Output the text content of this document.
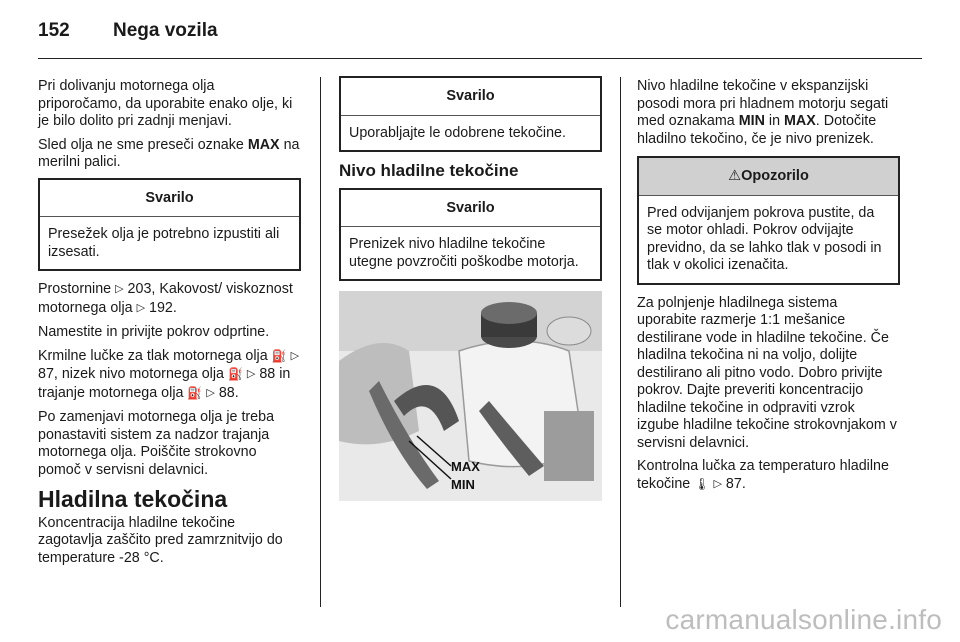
152 Nega vozila

Pri dolivanju motornega olja priporočamo, da uporabite enako olje, ki je bilo dolito pri zadnji menjavi.

Sled olja ne sme preseči oznake MAX na merilni palici.

Svarilo
Presežek olja je potrebno izpustiti ali izsesati.

Prostornine ▷ 203, Kakovost/ viskoznost motornega olja ▷ 192.

Namestite in privijte pokrov odprtine.

Krmilne lučke za tlak motornega olja ⛽ ▷87, nizek nivo motornega olja ⛽ ▷ 88 in trajanje motornega olja ⛽ ▷ 88.

Po zamenjavi motornega olja je treba ponastaviti sistem za nadzor trajanja motornega olja. Poiščite strokovno pomoč v servisni delavnici.

Hladilna tekočina

Koncentracija hladilne tekočine zagotavlja zaščito pred zamrznitvijo do temperature -28 °C.

Svarilo
Uporabljajte le odobrene tekočine.
Nivo hladilne tekočine
Svarilo
Prenizek nivo hladilne tekočine utegne povzročiti poškodbe motorja.
MAX
MIN

Nivo hladilne tekočine v ekspanzijski posodi mora pri hladnem motorju segati med oznakama MIN in MAX. Dotočite hladilno tekočino, če je nivo prenizek.

⚠Opozorilo
Pred odvijanjem pokrova pustite, da se motor ohladi. Pokrov odvijajte previdno, da se lahko tlak v posodi in tlak v okolici izenačita.

Za polnjenje hladilnega sistema uporabite razmerje 1:1 mešanice destilirane vode in hladilne tekočine. Če hladilna tekočina ni na voljo, dolijte destilirano ali pitno vodo. Dobro privijte pokrov. Dajte preveriti koncentracijo hladilne tekočine in odpraviti vzrok izgube hladilne tekočine strokovnjakom v servisni delavnici.

Kontrolna lučka za temperaturo hladilne tekočine 🌡 ▷ 87.

carmanualsonline.info
